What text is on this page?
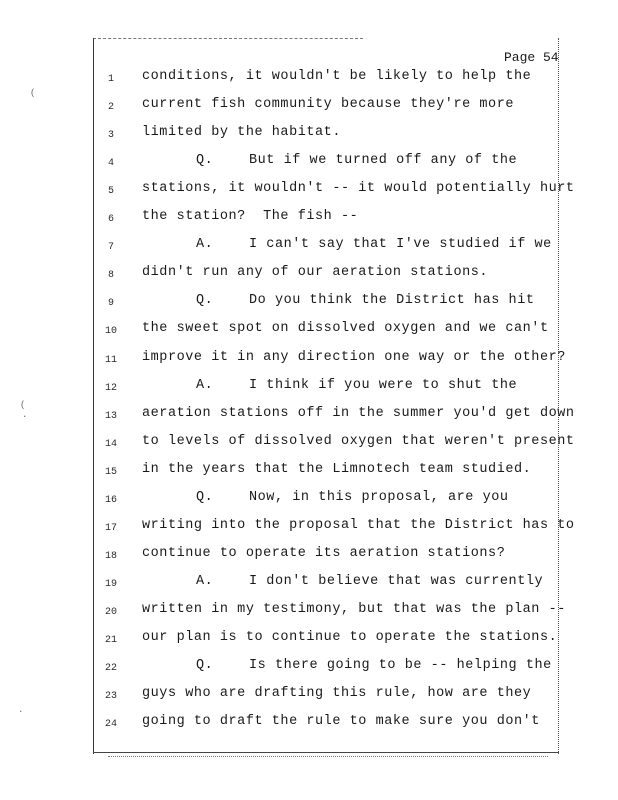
(
(
.
.
Page 54
1	conditions, it wouldn't be likely to help the
2	current fish community because they're more
3	limited by the habitat.
4	Q.	But if we turned off any of the
5	stations, it wouldn't -- it would potentially hurt
6	the station?  The fish --
7	A.	I can't say that I've studied if we
8	didn't run any of our aeration stations.
9	Q.	Do you think the District has hit
10	the sweet spot on dissolved oxygen and we can't
11	improve it in any direction one way or the other?
12	A.	I think if you were to shut the
13	aeration stations off in the summer you'd get down
14	to levels of dissolved oxygen that weren't present
15	in the years that the Limnotech team studied.
16	Q.	Now, in this proposal, are you
17	writing into the proposal that the District has to
18	continue to operate its aeration stations?
19	A.	I don't believe that was currently
20	written in my testimony, but that was the plan --
21	our plan is to continue to operate the stations.
22	Q.	Is there going to be -- helping the
23	guys who are drafting this rule, how are they
24	going to draft the rule to make sure you don't
